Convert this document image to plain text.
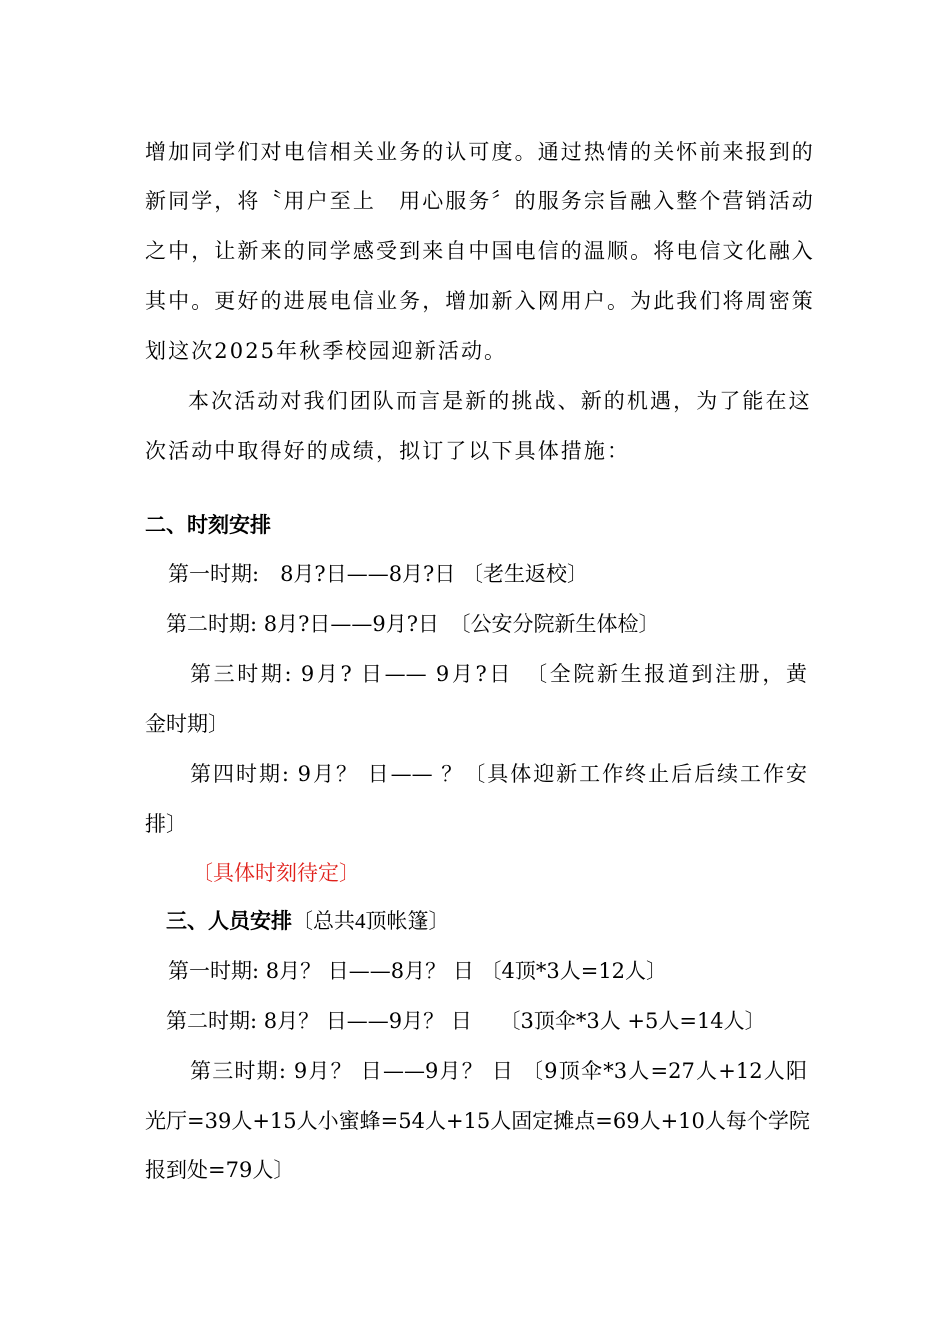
增加同学们对电信相关业务的认可度。通过热情的关怀前来报到的
新同学，将〝用户至上　用心服务〞的服务宗旨融入整个营销活动
之中，让新来的同学感受到来自中国电信的温顺。将电信文化融入
其中。更好的进展电信业务，增加新入网用户。为此我们将周密策
划这次2025年秋季校园迎新活动。
本次活动对我们团队而言是新的挑战、新的机遇，为了能在这
次活动中取得好的成绩，拟订了以下具体措施：
二、时刻安排
第一时期:　8月?日——8月?日 〔老生返校〕
第二时期: 8月?日——9月?日　〔公安分院新生体检〕
第三时期: 9月? 日—— 9月?日　〔全院新生报道到注册，黄
金时期〕
第四时期: 9月？ 日—— ？〔具体迎新工作终止后后续工作安
排〕
〔具体时刻待定〕
三、人员安排〔总共4顶帐篷〕
第一时期: 8月？ 日——8月？ 日 〔4顶*3人=12人〕
第二时期: 8月？ 日——9月？ 日　 〔3顶伞*3人 +5人=14人〕
第三时期: 9月？ 日——9月？ 日 〔9顶伞*3人=27人+12人阳
光厅=39人+15人小蜜蜂=54人+15人固定摊点=69人+10人每个学院
报到处=79人〕
